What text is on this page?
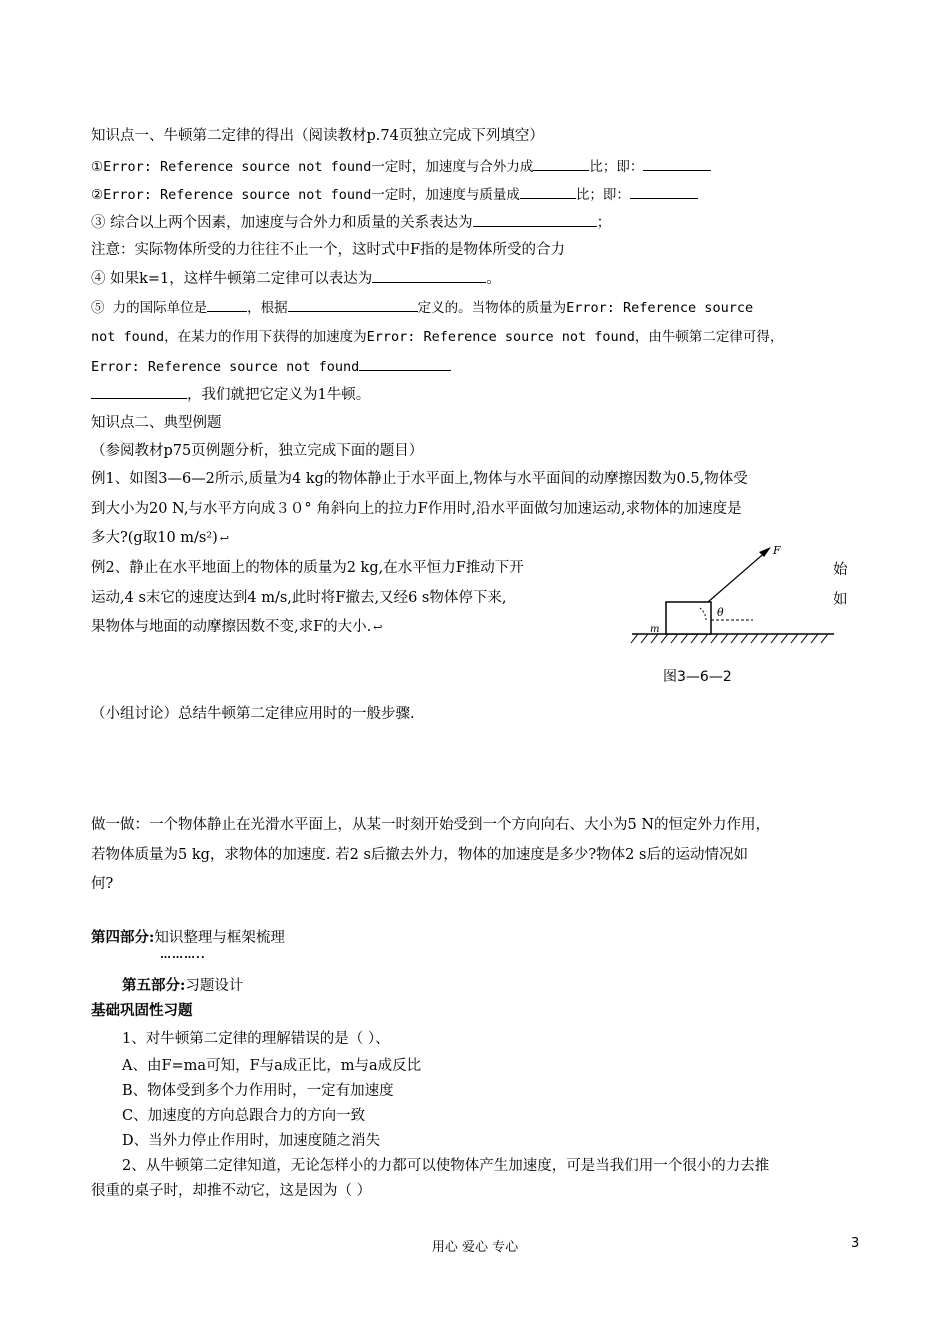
知识点一、牛顿第二定律的得出（阅读教材p.74页独立完成下列填空）
①Error: Reference source not found一定时，加速度与合外力成	比；即：
②Error: Reference source not found一定时，加速度与质量成	比；即：
③ 综合以上两个因素，加速度与合外力和质量的关系表达为	；
注意：实际物体所受的力往往不止一个，这时式中F指的是物体所受的合力
④ 如果k=1，这样牛顿第二定律可以表达为	。
⑤ 力的国际单位是	，根据	定义的。当物体的质量为Error: Reference source
not found，在某力的作用下获得的加速度为Error: Reference source not found，由牛顿第二定律可得，
Error: Reference source not found
，我们就把它定义为1牛顿。
知识点二、典型例题
（参阅教材p75页例题分析，独立完成下面的题目）
例1、如图3—6—2所示,质量为4 kg的物体静止于水平面上,物体与水平面间的动摩擦因数为0.5,物体受
到大小为20 N,与水平方向成３０° 角斜向上的拉力F作用时,沿水平面做匀加速运动,求物体的加速度是
多大?(g取10 m/s²) ↩
例2、静止在水平地面上的物体的质量为2 kg,在水平恒力F推动下开	始
运动,4 s末它的速度达到4 m/s,此时将F撤去,又经6 s物体停下来,	如
果物体与地面的动摩擦因数不变,求F的大小. ↩
F
θ
m
图3—6—2
（小组讨论）总结牛顿第二定律应用时的一般步骤.
做一做：一个物体静止在光滑水平面上，从某一时刻开始受到一个方向向右、大小为5 N的恒定外力作用，
若物体质量为5 kg，求物体的加速度. 若2 s后撤去外力，物体的加速度是多少?物体2 s后的运动情况如
何?
第四部分:知识整理与框架梳理
………..
第五部分:习题设计
基础巩固性习题
1、对牛顿第二定律的理解错误的是（ ）、
A、由F=ma可知，F与a成正比，m与a成反比
B、物体受到多个力作用时，一定有加速度
C、加速度的方向总跟合力的方向一致
D、当外力停止作用时，加速度随之消失
2、从牛顿第二定律知道，无论怎样小的力都可以使物体产生加速度，可是当我们用一个很小的力去推
很重的桌子时，却推不动它，这是因为（ ）
用心 爱心 专心	3
